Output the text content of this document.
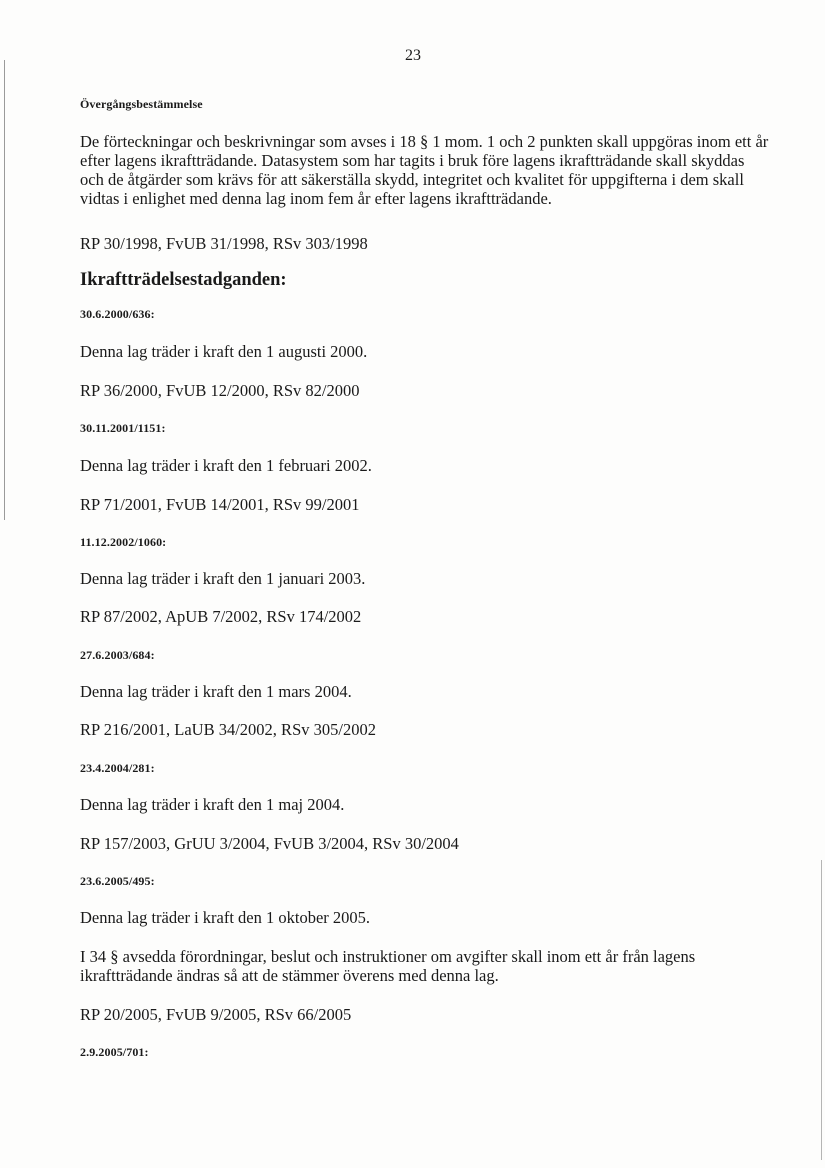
23
Övergångsbestämmelse
De förteckningar och beskrivningar som avses i 18 § 1 mom. 1 och 2 punkten skall uppgöras inom ett år efter lagens ikraftträdande. Datasystem som har tagits i bruk före lagens ikraftträdande skall skyddas och de åtgärder som krävs för att säkerställa skydd, integritet och kvalitet för uppgifterna i dem skall vidtas i enlighet med denna lag inom fem år efter lagens ikraftträdande.
RP 30/1998, FvUB 31/1998, RSv 303/1998
Ikraftträdelsestadganden:
30.6.2000/636:
Denna lag träder i kraft den 1 augusti 2000.
RP 36/2000, FvUB 12/2000, RSv 82/2000
30.11.2001/1151:
Denna lag träder i kraft den 1 februari 2002.
RP 71/2001, FvUB 14/2001, RSv 99/2001
11.12.2002/1060:
Denna lag träder i kraft den 1 januari 2003.
RP 87/2002, ApUB 7/2002, RSv 174/2002
27.6.2003/684:
Denna lag träder i kraft den 1 mars 2004.
RP 216/2001, LaUB 34/2002, RSv 305/2002
23.4.2004/281:
Denna lag träder i kraft den 1 maj 2004.
RP 157/2003, GrUU 3/2004, FvUB 3/2004, RSv 30/2004
23.6.2005/495:
Denna lag träder i kraft den 1 oktober 2005.
I 34 § avsedda förordningar, beslut och instruktioner om avgifter skall inom ett år från lagens ikraftträdande ändras så att de stämmer överens med denna lag.
RP 20/2005, FvUB 9/2005, RSv 66/2005
2.9.2005/701:
